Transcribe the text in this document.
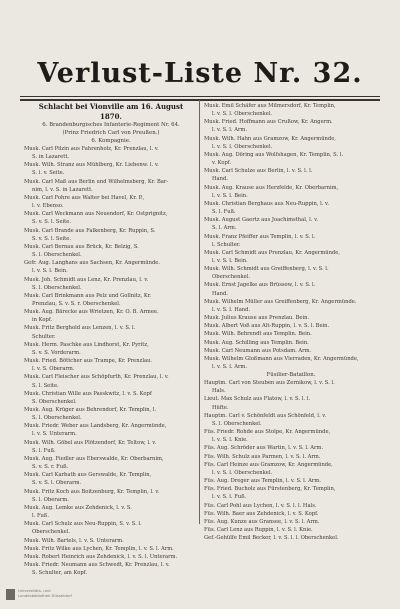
Verlust-Liste Nr. 32.
Schlacht bei Vionville am 16. August
1870.
6. Brandenburgisches Infanterie-Regiment Nr. 64.
(Prinz Friedrich Carl von Preußen.)
6. Kompagnie.
Musk. Carl Pilzin aus Fahrenholz, Kr. Prenzlau, l. v.
S. in Lazarett.
Musk. Wilh. Stranz aus Mühlberg, Kr. Liebenw. l. v.
S. l. v. Seite.
Musk. Carl Maß aus Berlin und Wilhelmsberg, Kr. Bar-
nim, l. v. S. in Lazarett.
Musk. Carl Fohre aus Walter bei Havel, Kr. P.,
l. v. Ebenso.
Musk. Carl Weckmann aus Neuendorf, Kr. Ostprignitz,
S. v. S. l. Seite.
Musk. Carl Brande aus Falkenberg, Kr. Ruppin, S.
S. v. S. l. Seite.
Musk. Carl Bernau aus Brück, Kr. Belzig, S.
S. l. Oberschenkel.
Gefr. Aug. Langhans aus Sachsen, Kr. Angermünde.
l. v. S. l. Bein.
Musk. Joh. Schmidt aus Lenz, Kr. Prenzlau, l. v.
S. l. Oberschenkel.
Musk. Carl Brinkmann aus Pelz und Gollnitz, Kr.
Prenzlau, S. v. S. r. Oberschenkel.
Musk. Aug. Bärecke aus Wrietzen, Kr. O. B. Armee.
in Kopf.
Musk. Fritz Berghold aus Lenzen, l. v. S. l.
Schulter.
Musk. Herm. Paschke aus Lindhorst, Kr. Pyritz,
S. v. S. Vorderarm.
Musk. Fried. Böttcher aus Trampe, Kr. Prenzlau.
l. v. S. Oberarm.
Musk. Carl Fleischer aus Schöpfurth, Kr. Prenzlau, l. v.
S. l. Seite.
Musk. Christian Wille aus Passkwitz, l. v. S. Kopf
S. Oberschenkel.
Musk. Aug. Krüger aus Behrendorf, Kr. Templin, l.
S. l. Oberschenkel.
Musk. Friedr. Weber aus Landsberg, Kr. Angermünde,
l. v. S. Unterarm.
Musk. Wilh. Göbel aus Plötzendorf, Kr. Teltow, l. v.
S. l. Fuß.
Musk. Aug. Fiedler aus Eberswalde, Kr. Oberbarnim,
S. v. S. r. Fuß.
Musk. Carl Karbath aus Gerswalde, Kr. Templin,
S. v. S. l. Oberarm.
Musk. Fritz Koch aus Boitzenburg, Kr. Templin, l. v.
S. l. Oberarm.
Musk. Aug. Lemke aus Zehdenick, l. v. S.
l. Fuß.
Musk. Carl Schulz aus Neu-Ruppin, S. v. S. l.
Oberschenkel.
Musk. Wilh. Bartels, l. v. S. Unterarm.
Musk. Fritz Wilke aus Lychen, Kr. Templin, l. v. S. l. Arm.
Musk. Robert Heinrich aus Zehdenick, l. v. S. l. Unterarm.
Musk. Friedr. Neumann aus Schwedt, Kr. Prenzlau, l. v.
S. Schulter, am Kopf.
Musk. Emil Schäfer aus Milmersdorf, Kr. Templin,
l. v. S. l. Oberschenkel.
Musk. Fried. Hoffmann aus Crußow, Kr. Angerm.
l. v. S. l. Arm.
Musk. Wilh. Hahn aus Gramzow, Kr. Angermünde,
l. v. S. l. Oberschenkel.
Musk. Aug. Döring aus Wolfshagen, Kr. Templin, S. l.
v. Kopf.
Musk. Carl Schulze aus Berlin, l. v. S. l. l.
Hand.
Musk. Aug. Krause aus Herzfelde, Kr. Oberbarnim,
l. v. S. l. Bein.
Musk. Christian Berghaus aus Neu-Ruppin, l. v.
S. l. Fuß.
Musk. August Gaertz aus Joachimsthal, l. v.
S. l. Arm.
Musk. Franz Pfeiffer aus Templin, l. v. S. l.
l. Schulter.
Musk. Carl Schmidt aus Prenzlau, Kr. Angermünde,
l. v. S. l. Bein.
Musk. Wilh. Schmidt aus Greiffenberg, l. v. S. l.
Oberschenkel.
Musk. Ernst Jagelke aus Brüssow, l. v. S. l.
Hand.
Musk. Wilhelm Müller aus Greiffenberg, Kr. Angermünde.
l. v. S. l. Hand.
Musk. Julius Krause aus Prenzlau. Bein.
Musk. Albert Voß aus Alt-Ruppin, l. v. S. l. Bein.
Musk. Wilh. Behrendt aus Templin. Bein.
Musk. Aug. Schilling aus Templin. Bein.
Musk. Carl Neumann aus Potsdam. Arm.
Musk. Wilhelm Gloßmann aus Vierraden, Kr. Angermünde,
l. v. S. l. Arm.
Füsilier-Bataillon.
Hauptm. Carl von Steuben aus Zernikow, l. v. S. l.
Hals.
Lieut. Max Schulz aus Flatow, l. v. S. l. l.
Hüfte.
Hauptm. Carl v. Schönfeldt aus Schönfeld, l. v.
S. l. Oberschenkel.
Füs. Friedr. Rohde aus Stolpe, Kr. Angermünde,
l. v. S. l. Knie.
Füs. Aug. Schröder aus Wartin, l. v. S. l. Arm.
Füs. Wilh. Schulz aus Parmen, l. v. S. l. Arm.
Füs. Carl Heinze aus Gramzow, Kr. Angermünde,
l. v. S. l. Oberschenkel.
Füs. Aug. Dreger aus Templin, l. v. S. l. Arm.
Füs. Fried. Bucholz aus Fürstenberg, Kr. Templin,
l. v. S. l. Fuß.
Füs. Carl Pohl aus Lychen, l. v. S. l. l. Hals.
Füs. Wilh. Baer aus Zehdenick, l. v. S. Kopf.
Füs. Aug. Kunze aus Gransee, l. v. S. l. Arm.
Füs. Carl Lenz aus Ruppin, l. v. S. l. Knie.
Gef.-Gehülfe Emil Becker, l. v. S. l. l. Oberschenkel.
Universitäts- und
Landesbibliothek Düsseldorf
